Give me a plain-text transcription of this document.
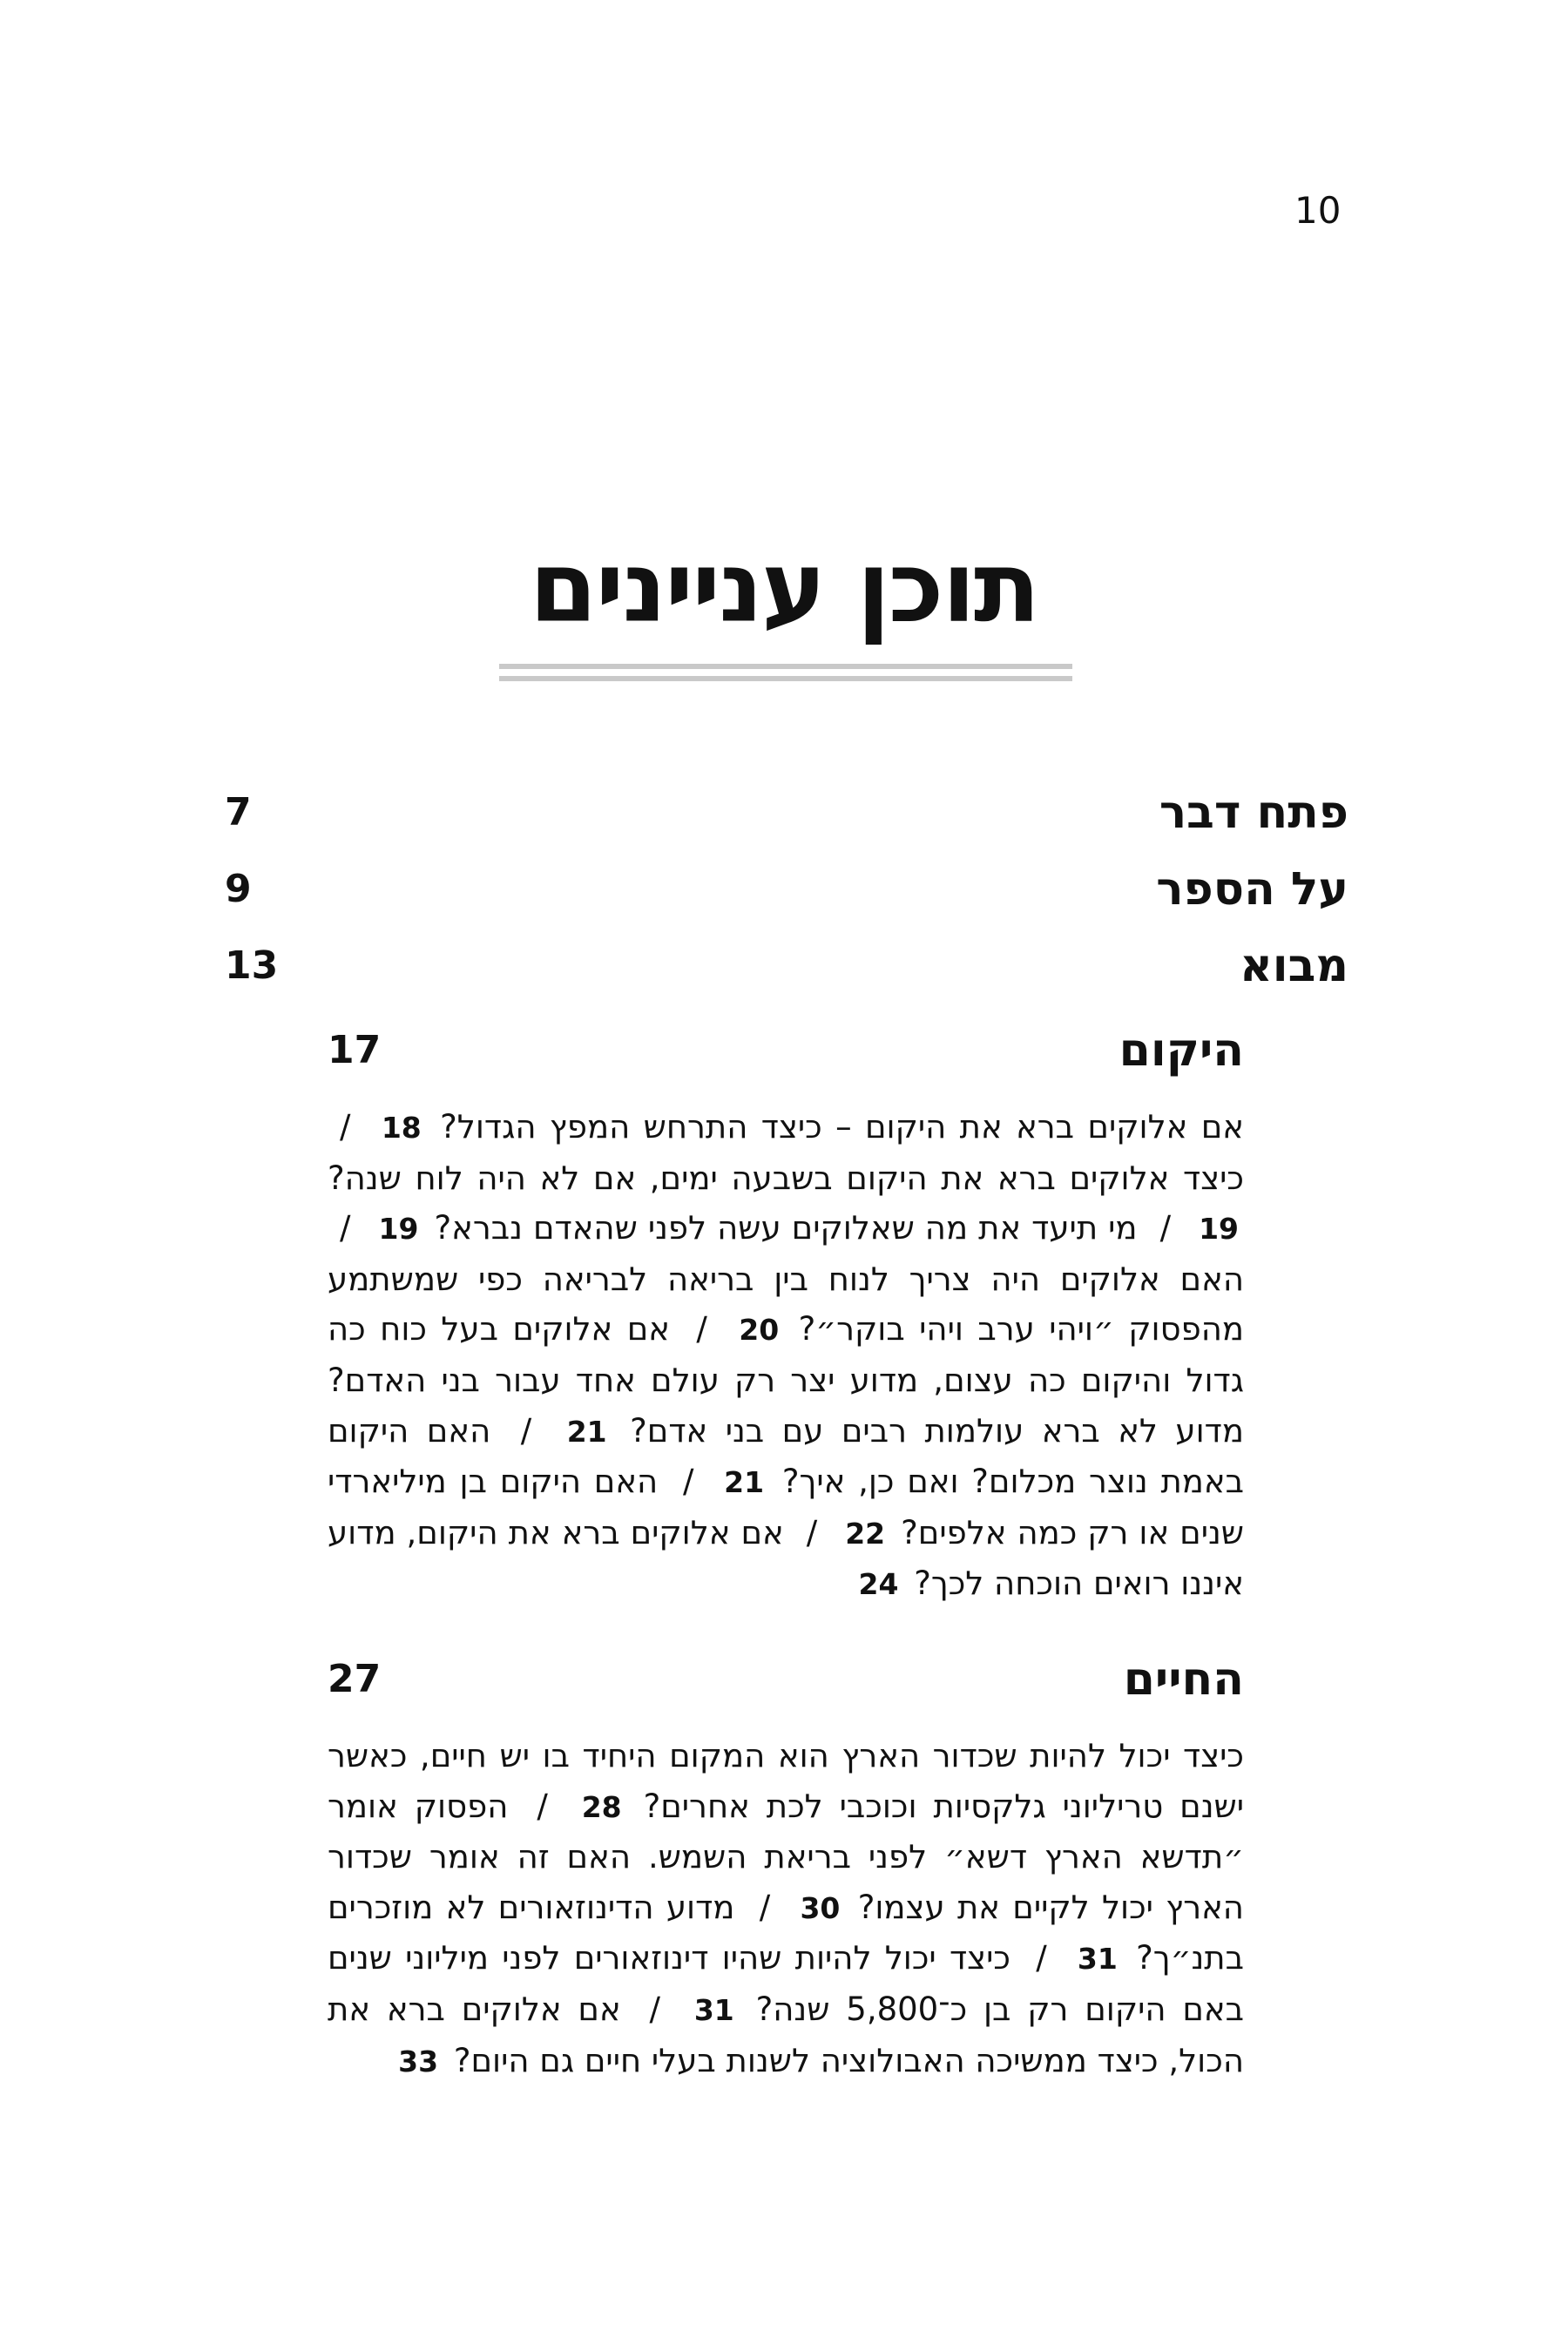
10
תוכן עניינים
פתח דבר
7
על הספר
9
מבוא
13
היקום
17
אם אלוקים ברא את היקום – כיצד התרחש המפץ הגדול? 18 / כיצד אלוקים ברא את היקום בשבעה ימים, אם לא היה לוח שנה? 19 / מי תיעד את מה שאלוקים עשה לפני שהאדם נברא? 19 / האם אלוקים היה צריך לנוח בין בריאה לבריאה כפי שמשתמע מהפסוק ״ויהי ערב ויהי בוקר״? 20 / אם אלוקים בעל כוח כה גדול והיקום כה עצום, מדוע יצר רק עולם אחד עבור בני האדם? מדוע לא ברא עולמות רבים עם בני אדם? 21 / האם היקום באמת נוצר מכלום? ואם כן, איך? 21 / האם היקום בן מיליארדי שנים או רק כמה אלפים? 22 / אם אלוקים ברא את היקום, מדוע איננו רואים הוכחה לכך? 24
החיים
27
כיצד יכול להיות שכדור הארץ הוא המקום היחיד בו יש חיים, כאשר ישנם טריליוני גלקסיות וכוכבי לכת אחרים? 28 / הפסוק אומר ״תדשא הארץ דשא״ לפני בריאת השמש. האם זה אומר שכדור הארץ יכול לקיים את עצמו? 30 / מדוע הדינוזאורים לא מוזכרים בתנ״ך? 31 / כיצד יכול להיות שהיו דינוזאורים לפני מיליוני שנים באם היקום רק בן כ־5,800 שנה? 31 / אם אלוקים ברא את הכול, כיצד ממשיכה האבולוציה לשנות בעלי חיים גם היום? 33
